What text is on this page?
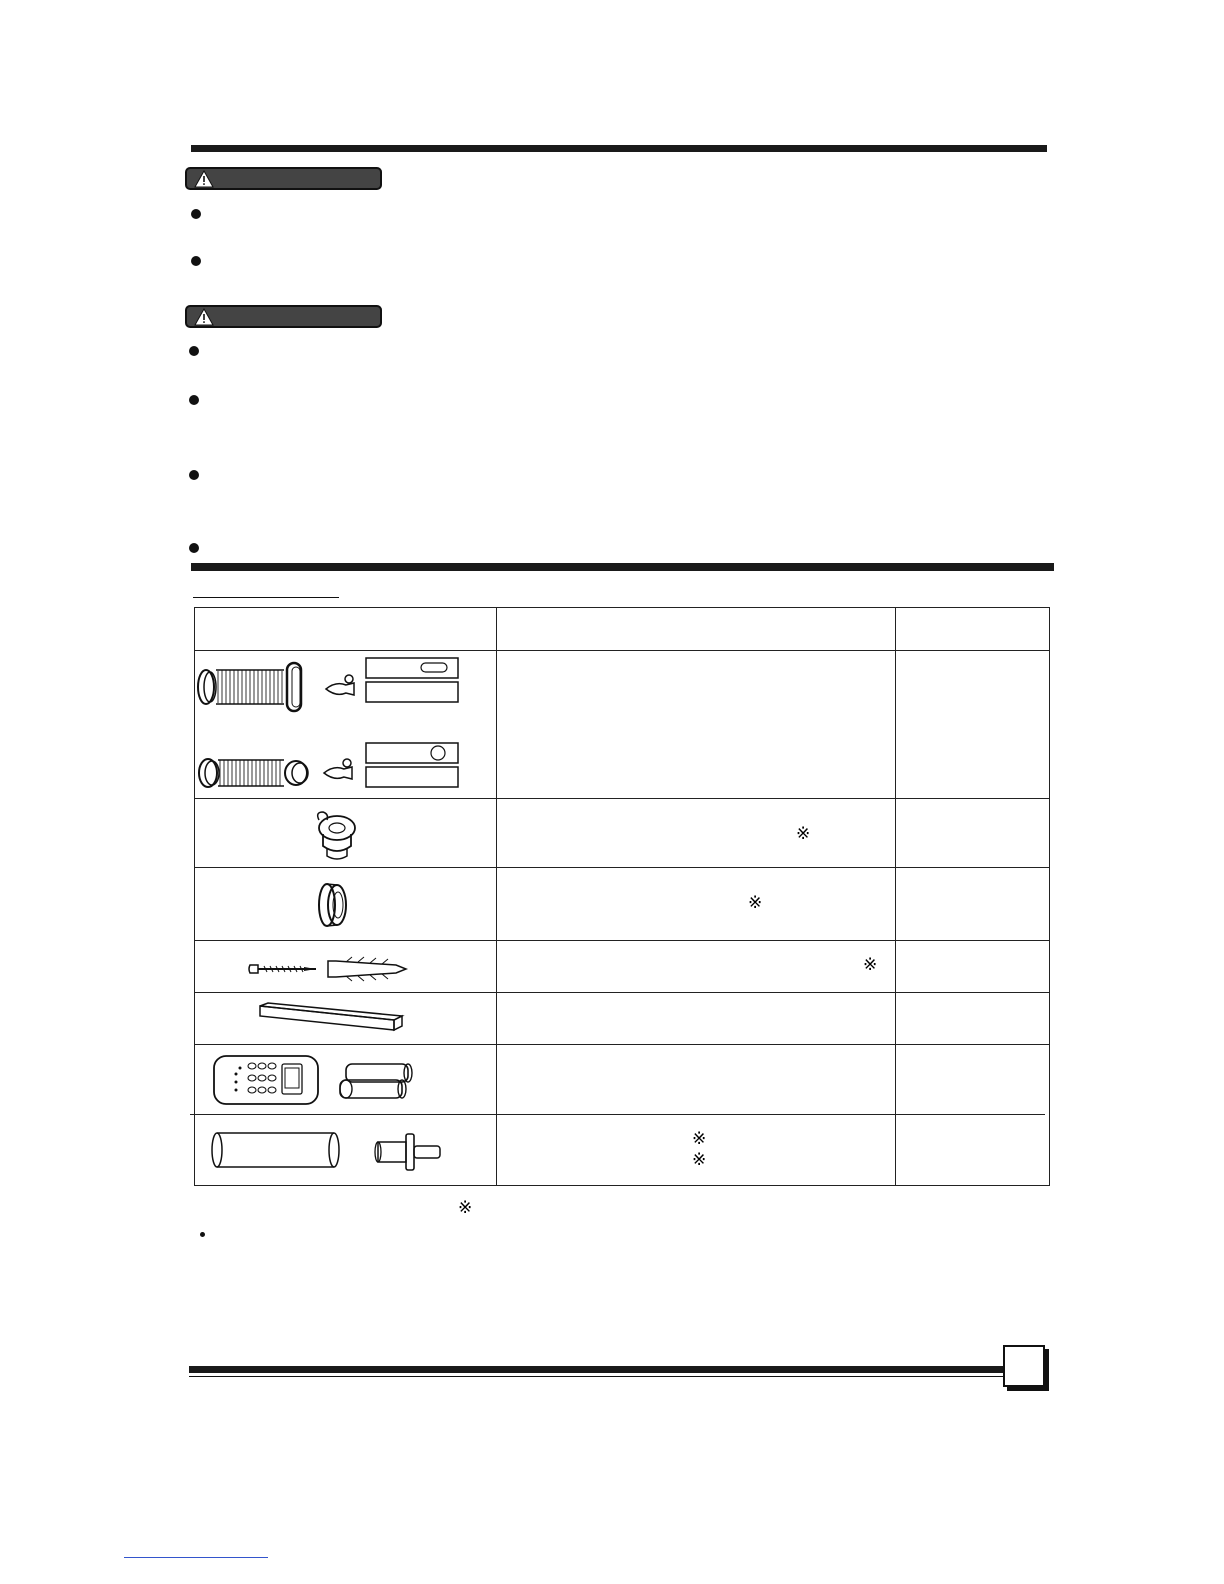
※
※
※
※
※
※
